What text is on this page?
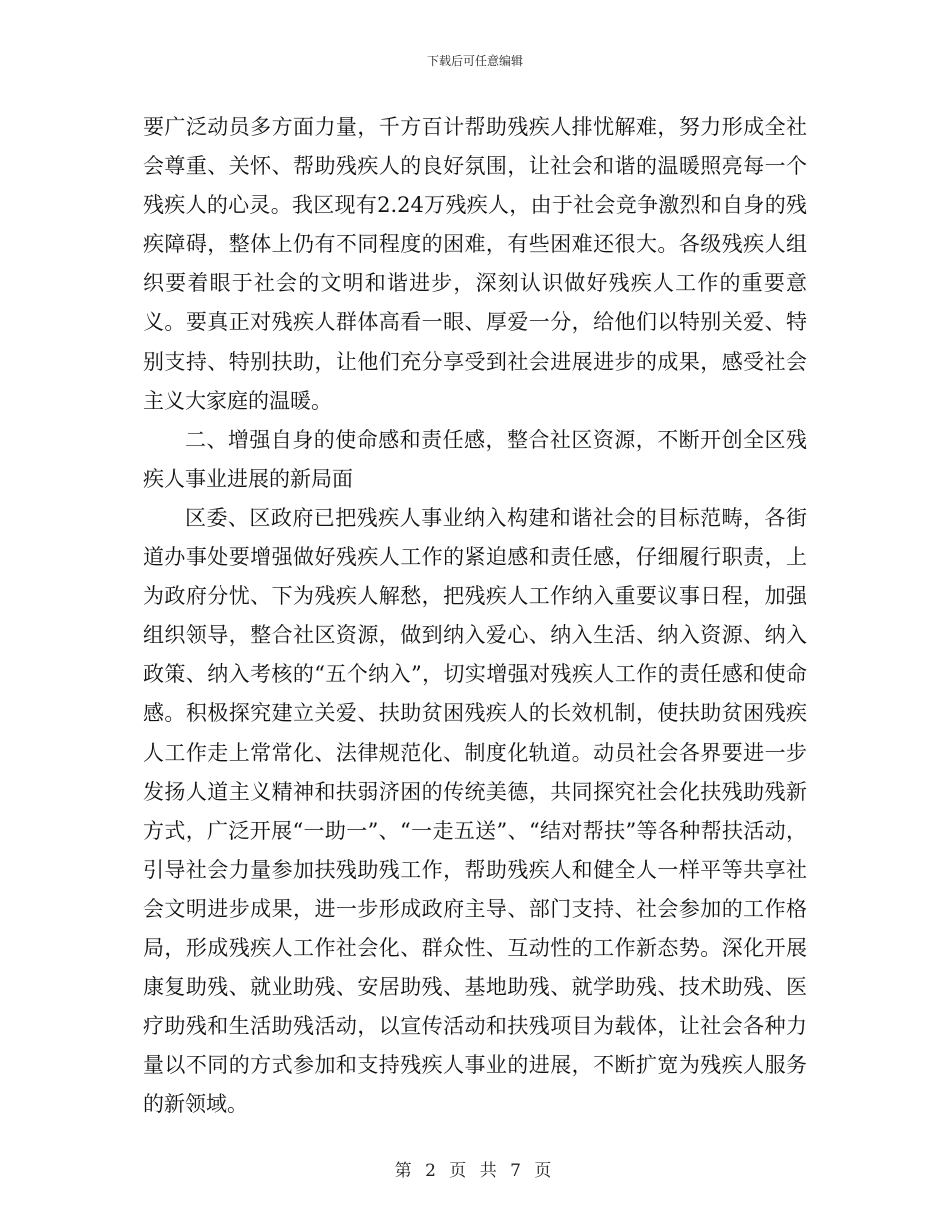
下载后可任意编辑

要广泛动员多方面力量，千方百计帮助残疾人排忧解难，努力形成全社会尊重、关怀、帮助残疾人的良好氛围，让社会和谐的温暖照亮每一个残疾人的心灵。我区现有2.24万残疾人，由于社会竞争激烈和自身的残疾障碍，整体上仍有不同程度的困难，有些困难还很大。各级残疾人组织要着眼于社会的文明和谐进步，深刻认识做好残疾人工作的重要意义。要真正对残疾人群体高看一眼、厚爱一分，给他们以特别关爱、特别支持、特别扶助，让他们充分享受到社会进展进步的成果，感受社会主义大家庭的温暖。

二、增强自身的使命感和责任感，整合社区资源，不断开创全区残疾人事业进展的新局面

区委、区政府已把残疾人事业纳入构建和谐社会的目标范畴，各街道办事处要增强做好残疾人工作的紧迫感和责任感，仔细履行职责，上为政府分忧、下为残疾人解愁，把残疾人工作纳入重要议事日程，加强组织领导，整合社区资源，做到纳入爱心、纳入生活、纳入资源、纳入政策、纳入考核的“五个纳入”，切实增强对残疾人工作的责任感和使命感。积极探究建立关爱、扶助贫困残疾人的长效机制，使扶助贫困残疾人工作走上常常化、法律规范化、制度化轨道。动员社会各界要进一步发扬人道主义精神和扶弱济困的传统美德，共同探究社会化扶残助残新方式，广泛开展“一助一”、“一走五送”、“结对帮扶”等各种帮扶活动，引导社会力量参加扶残助残工作，帮助残疾人和健全人一样平等共享社会文明进步成果，进一步形成政府主导、部门支持、社会参加的工作格局，形成残疾人工作社会化、群众性、互动性的工作新态势。深化开展康复助残、就业助残、安居助残、基地助残、就学助残、技术助残、医疗助残和生活助残活动，以宣传活动和扶残项目为载体，让社会各种力量以不同的方式参加和支持残疾人事业的进展，不断扩宽为残疾人服务的新领域。

第 2 页 共 7 页
